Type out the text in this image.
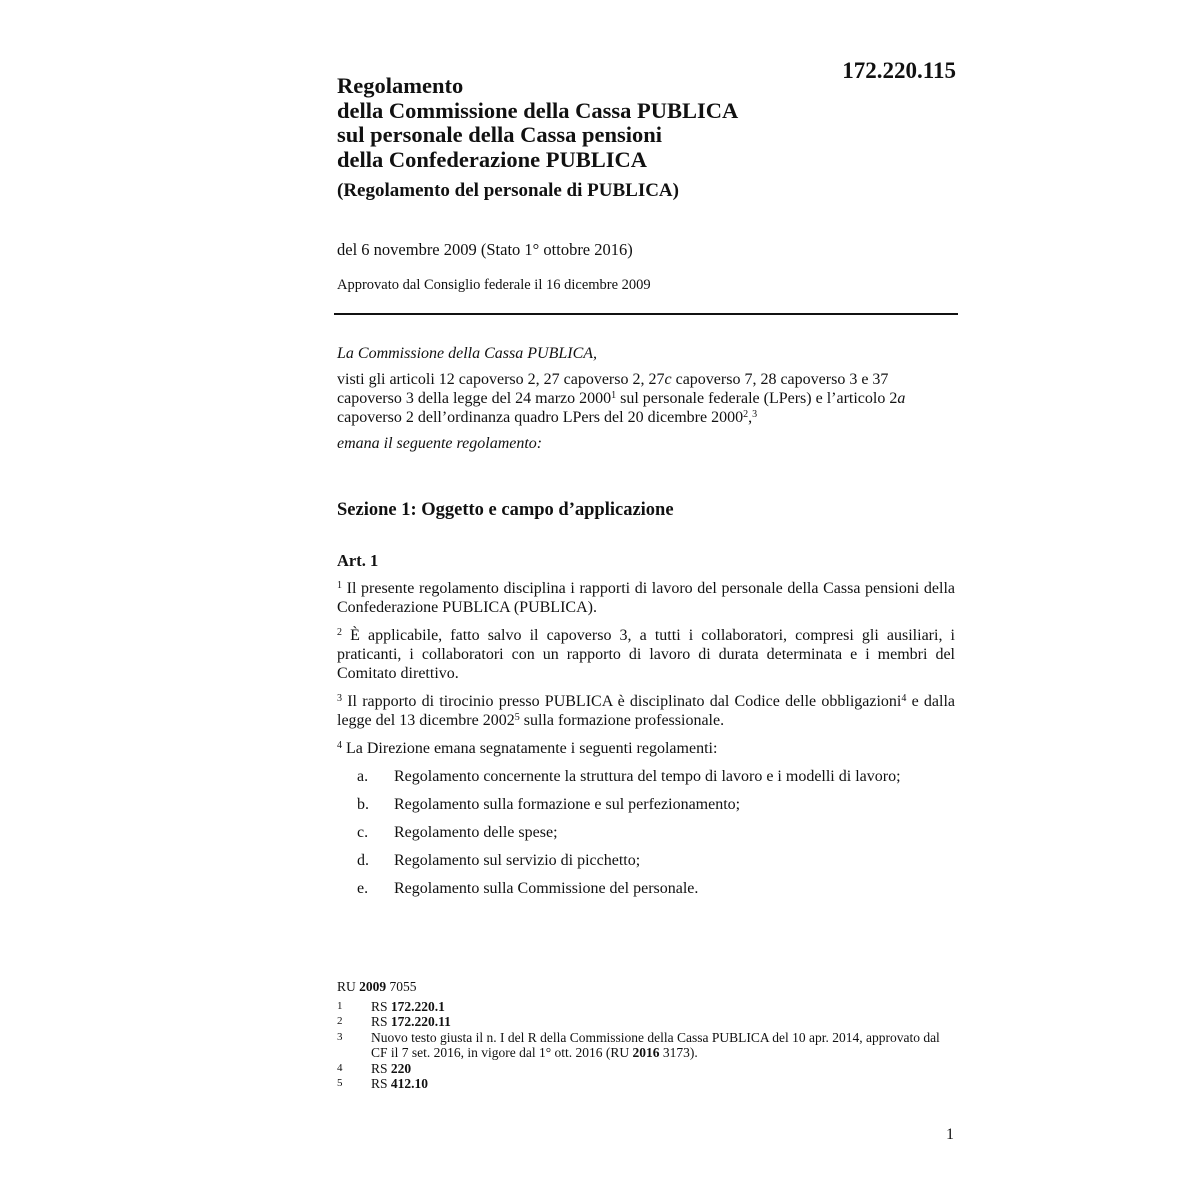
172.220.115
Regolamento
della Commissione della Cassa PUBLICA
sul personale della Cassa pensioni
della Confederazione PUBLICA
(Regolamento del personale di PUBLICA)
del 6 novembre 2009 (Stato 1° ottobre 2016)
Approvato dal Consiglio federale il 16 dicembre 2009

La Commissione della Cassa PUBLICA,

visti gli articoli 12 capoverso 2, 27 capoverso 2, 27c capoverso 7, 28 capoverso 3 e 37 capoverso 3 della legge del 24 marzo 2000$^1$ sul personale federale (LPers) e l’articolo 2a capoverso 2 dell’ordinanza quadro LPers del 20 dicembre 2000$^2$,$^3$

emana il seguente regolamento:

Sezione 1: Oggetto e campo d’applicazione
Art. 1

$^1$ Il presente regolamento disciplina i rapporti di lavoro del personale della Cassa pensioni della Confederazione PUBLICA (PUBLICA).

$^2$ È applicabile, fatto salvo il capoverso 3, a tutti i collaboratori, compresi gli ausiliari, i praticanti, i collaboratori con un rapporto di lavoro di durata determinata e i membri del Comitato direttivo.

$^3$ Il rapporto di tirocinio presso PUBLICA è disciplinato dal Codice delle obbligazioni$^4$ e dalla legge del 13 dicembre 2002$^5$ sulla formazione professionale.

$^4$ La Direzione emana segnatamente i seguenti regolamenti:

a.	Regolamento concernente la struttura del tempo di lavoro e i modelli di lavoro;
b.	Regolamento sulla formazione e sul perfezionamento;
c.	Regolamento delle spese;
d.	Regolamento sul servizio di picchetto;
e.	Regolamento sulla Commissione del personale.
RU 2009 7055
1	RS 172.220.1
2	RS 172.220.11
3	Nuovo testo giusta il n. I del R della Commissione della Cassa PUBLICA del 10 apr. 2014, approvato dal CF il 7 set. 2016, in vigore dal 1° ott. 2016 (RU 2016 3173).
4	RS 220
5	RS 412.10
1
